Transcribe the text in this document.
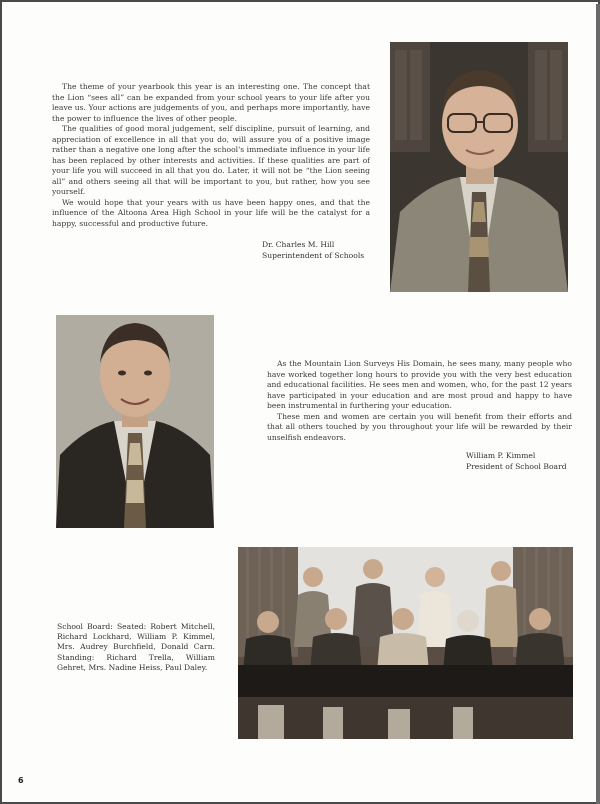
The theme of your yearbook this year is an interesting one. The concept that the Lion “sees all” can be expanded from your school years to your life after you leave us. Your actions are judgements of you, and perhaps more importantly, have the power to influence the lives of other people.

The qualities of good moral judgement, self discipline, pursuit of learning, and appreciation of excellence in all that you do, will assure you of a positive image rather than a negative one long after the school's immediate influence in your life has been replaced by other interests and activities. If these qualities are part of your life you will succeed in all that you do. Later, it will not be “the Lion seeing all” and others seeing all that will be important to you, but rather, how you see yourself.

We would hope that your years with us have been happy ones, and that the influence of the Altoona Area High School in your life will be the catalyst for a happy, successful and productive future.

Dr. Charles M. Hill
Superintendent of Schools

As the Mountain Lion Surveys His Domain, he sees many, many people who have worked together long hours to provide you with the very best education and educational facilities. He sees men and women, who, for the past 12 years have participated in your education and are most proud and happy to have been instrumental in furthering your education.

These men and women are certain you will benefit from their efforts and that all others touched by you throughout your life will be rewarded by their unselfish endeavors.

William P. Kimmel
President of School Board
School Board: Seated: Robert Mitchell, Richard Lockhard, William P. Kimmel, Mrs. Audrey Burchfield, Donald Carn. Standing: Richard Trella, William Gehret, Mrs. Nadine Heiss, Paul Daley.
6
